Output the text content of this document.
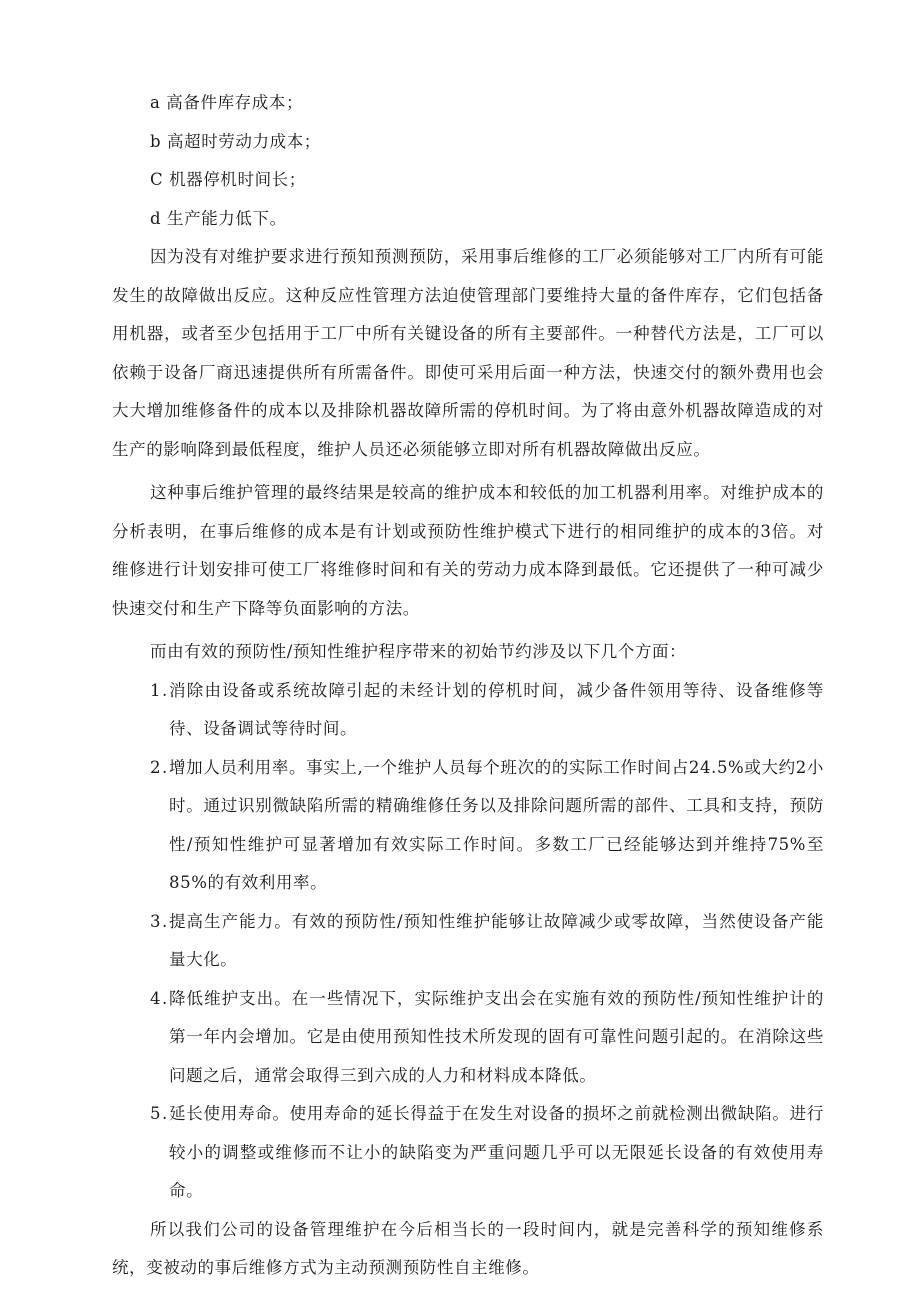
a 高备件库存成本；

b 高超时劳动力成本；

C 机器停机时间长；

d 生产能力低下。

因为没有对维护要求进行预知预测预防，采用事后维修的工厂必须能够对工厂内所有可能发生的故障做出反应。这种反应性管理方法迫使管理部门要维持大量的备件库存，它们包括备用机器，或者至少包括用于工厂中所有关键设备的所有主要部件。一种替代方法是，工厂可以依赖于设备厂商迅速提供所有所需备件。即使可采用后面一种方法，快速交付的额外费用也会大大增加维修备件的成本以及排除机器故障所需的停机时间。为了将由意外机器故障造成的对生产的影响降到最低程度，维护人员还必须能够立即对所有机器故障做出反应。

这种事后维护管理的最终结果是较高的维护成本和较低的加工机器利用率。对维护成本的分析表明，在事后维修的成本是有计划或预防性维护模式下进行的相同维护的成本的3倍。对维修进行计划安排可使工厂将维修时间和有关的劳动力成本降到最低。它还提供了一种可减少快速交付和生产下降等负面影响的方法。

而由有效的预防性/预知性维护程序带来的初始节约涉及以下几个方面：

1 . 消除由设备或系统故障引起的未经计划的停机时间，减少备件领用等待、设备维修等待、设备调试等待时间。
2 . 增加人员利用率。事实上,一个维护人员每个班次的的实际工作时间占24.5%或大约2小时。通过识别微缺陷所需的精确维修任务以及排除问题所需的部件、工具和支持，预防性/预知性维护可显著增加有效实际工作时间。多数工厂已经能够达到并维持75%至85%的有效利用率。
3 . 提高生产能力。有效的预防性/预知性维护能够让故障减少或零故障，当然使设备产能量大化。
4 . 降低维护支出。在一些情况下，实际维护支出会在实施有效的预防性/预知性维护计的第一年内会增加。它是由使用预知性技术所发现的固有可靠性问题引起的。在消除这些问题之后，通常会取得三到六成的人力和材料成本降低。
5 . 延长使用寿命。使用寿命的延长得益于在发生对设备的损坏之前就检测出微缺陷。进行较小的调整或维修而不让小的缺陷变为严重问题几乎可以无限延长设备的有效使用寿命。

所以我们公司的设备管理维护在今后相当长的一段时间内，就是完善科学的预知维修系统，变被动的事后维修方式为主动预测预防性自主维修。
